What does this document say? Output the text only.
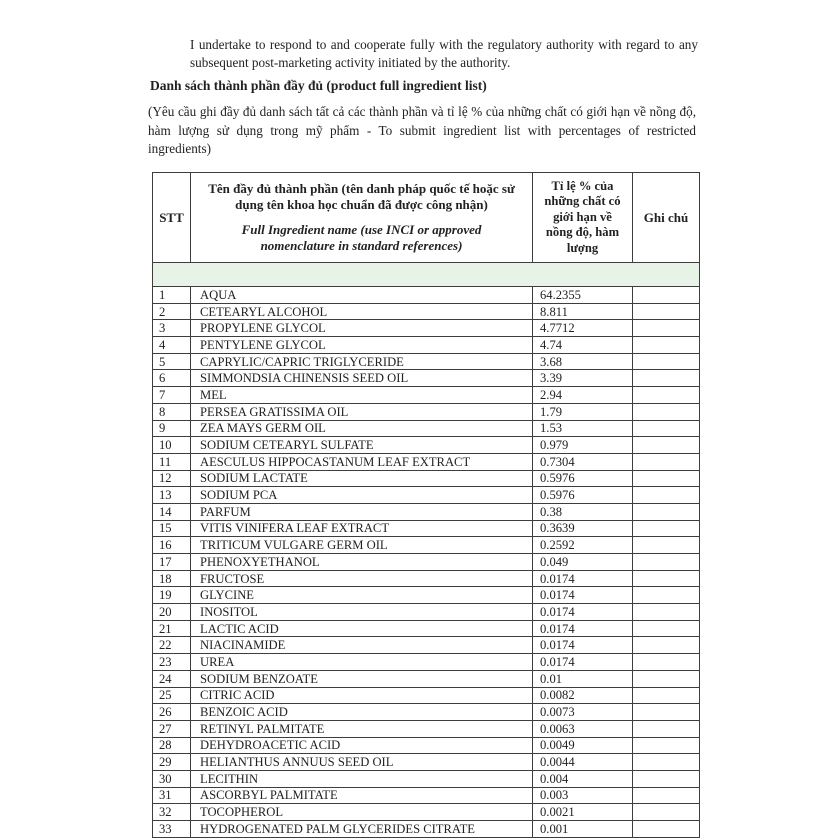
I undertake to respond to and cooperate fully with the regulatory authority with regard to any subsequent post-marketing activity initiated by the authority.

Danh sách thành phần đầy đủ (product full ingredient list)

(Yêu cầu ghi đầy đủ danh sách tất cả các thành phần và tỉ lệ % của những chất có giới hạn về nồng độ, hàm lượng sử dụng trong mỹ phẩm - To submit ingredient list with percentages of restricted ingredients)

STT	Tên đầy đủ thành phần (tên danh pháp quốc tế hoặc sử dụng tên khoa học chuẩn đã được công nhận)
Full Ingredient name (use INCI or approved nomenclature in standard references)	Tỉ lệ % của những chất có giới hạn về nồng độ, hàm lượng	Ghi chú

1	AQUA	64.2355	
2	CETEARYL ALCOHOL	8.811	
3	PROPYLENE GLYCOL	4.7712	
4	PENTYLENE GLYCOL	4.74	
5	CAPRYLIC/CAPRIC TRIGLYCERIDE	3.68	
6	SIMMONDSIA CHINENSIS SEED OIL	3.39	
7	MEL	2.94	
8	PERSEA GRATISSIMA OIL	1.79	
9	ZEA MAYS GERM OIL	1.53	
10	SODIUM CETEARYL SULFATE	0.979	
11	AESCULUS HIPPOCASTANUM LEAF EXTRACT	0.7304	
12	SODIUM LACTATE	0.5976	
13	SODIUM PCA	0.5976	
14	PARFUM	0.38	
15	VITIS VINIFERA LEAF EXTRACT	0.3639	
16	TRITICUM VULGARE GERM OIL	0.2592	
17	PHENOXYETHANOL	0.049	
18	FRUCTOSE	0.0174	
19	GLYCINE	0.0174	
20	INOSITOL	0.0174	
21	LACTIC ACID	0.0174	
22	NIACINAMIDE	0.0174	
23	UREA	0.0174	
24	SODIUM BENZOATE	0.01	
25	CITRIC ACID	0.0082	
26	BENZOIC ACID	0.0073	
27	RETINYL PALMITATE	0.0063	
28	DEHYDROACETIC ACID	0.0049	
29	HELIANTHUS ANNUUS SEED OIL	0.0044	
30	LECITHIN	0.004	
31	ASCORBYL PALMITATE	0.003	
32	TOCOPHEROL	0.0021	
33	HYDROGENATED PALM GLYCERIDES CITRATE	0.001	
